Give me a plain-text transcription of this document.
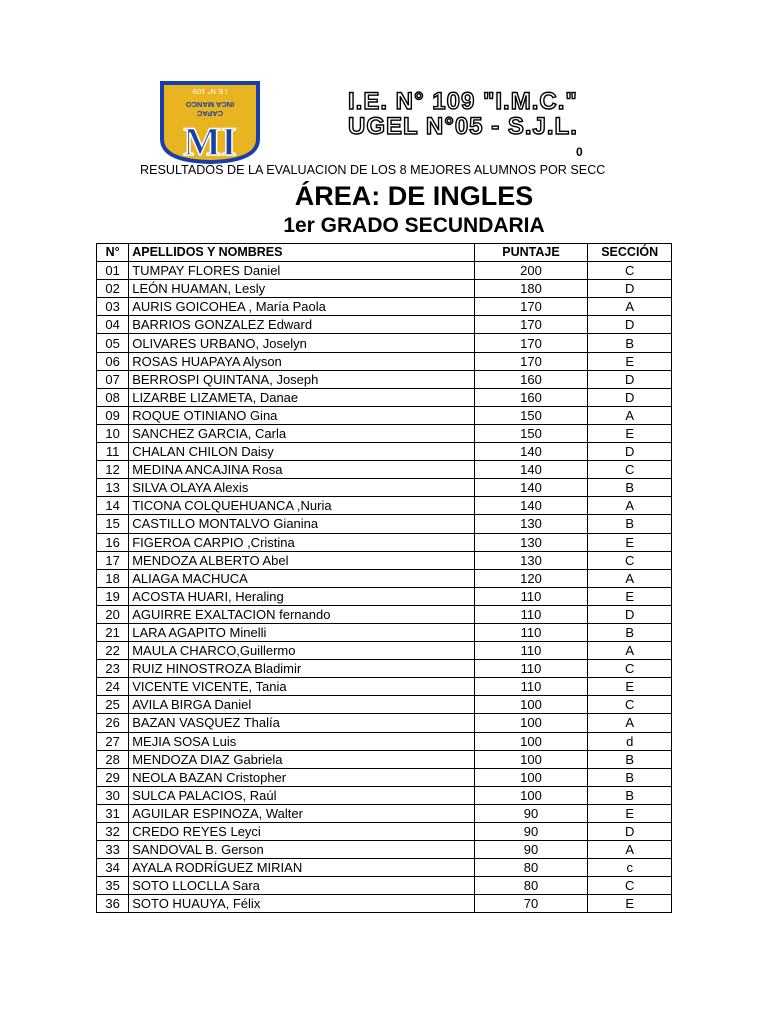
I E N° 109
INCA MANCO
CAPAC
MI
I.E. N° 109 "I.M.C."
UGEL N°05 - S.J.L.
0
RESULTADOS DE LA EVALUACION DE LOS 8 MEJORES ALUMNOS POR SECC
ÁREA: DE INGLES
1er GRADO SECUNDARIA
N°	APELLIDOS Y NOMBRES	PUNTAJE	SECCIÓN
01	TUMPAY FLORES Daniel	200	C
02	LEÓN HUAMAN, Lesly	180	D
03	AURIS GOICOHEA , María Paola	170	A
04	BARRIOS GONZALEZ Edward	170	D
05	OLIVARES URBANO, Joselyn	170	B
06	ROSAS HUAPAYA Alyson	170	E
07	BERROSPI QUINTANA, Joseph	160	D
08	LIZARBE LIZAMETA, Danae	160	D
09	ROQUE OTINIANO Gina	150	A
10	SANCHEZ GARCIA, Carla	150	E
11	CHALAN CHILON Daisy	140	D
12	MEDINA ANCAJINA Rosa	140	C
13	SILVA OLAYA Alexis	140	B
14	TICONA COLQUEHUANCA ,Nuria	140	A
15	CASTILLO MONTALVO Gianina	130	B
16	FIGEROA CARPIO ,Cristina	130	E
17	MENDOZA ALBERTO Abel	130	C
18	ALIAGA MACHUCA	120	A
19	ACOSTA HUARI, Heraling	110	E
20	AGUIRRE EXALTACION fernando	110	D
21	LARA AGAPITO Minelli	110	B
22	MAULA CHARCO,Guillermo	110	A
23	RUIZ HINOSTROZA Bladimir	110	C
24	VICENTE VICENTE, Tania	110	E
25	AVILA BIRGA Daniel	100	C
26	BAZAN VASQUEZ Thalía	100	A
27	MEJIA SOSA Luis	100	d
28	MENDOZA DIAZ Gabriela	100	B
29	NEOLA BAZAN Cristopher	100	B
30	SULCA PALACIOS, Raúl	100	B
31	AGUILAR ESPINOZA, Walter	90	E
32	CREDO REYES Leyci	90	D
33	SANDOVAL B. Gerson	90	A
34	AYALA RODRÍGUEZ MIRIAN	80	c
35	SOTO LLOCLLA Sara	80	C
36	SOTO HUAUYA, Félix	70	E
